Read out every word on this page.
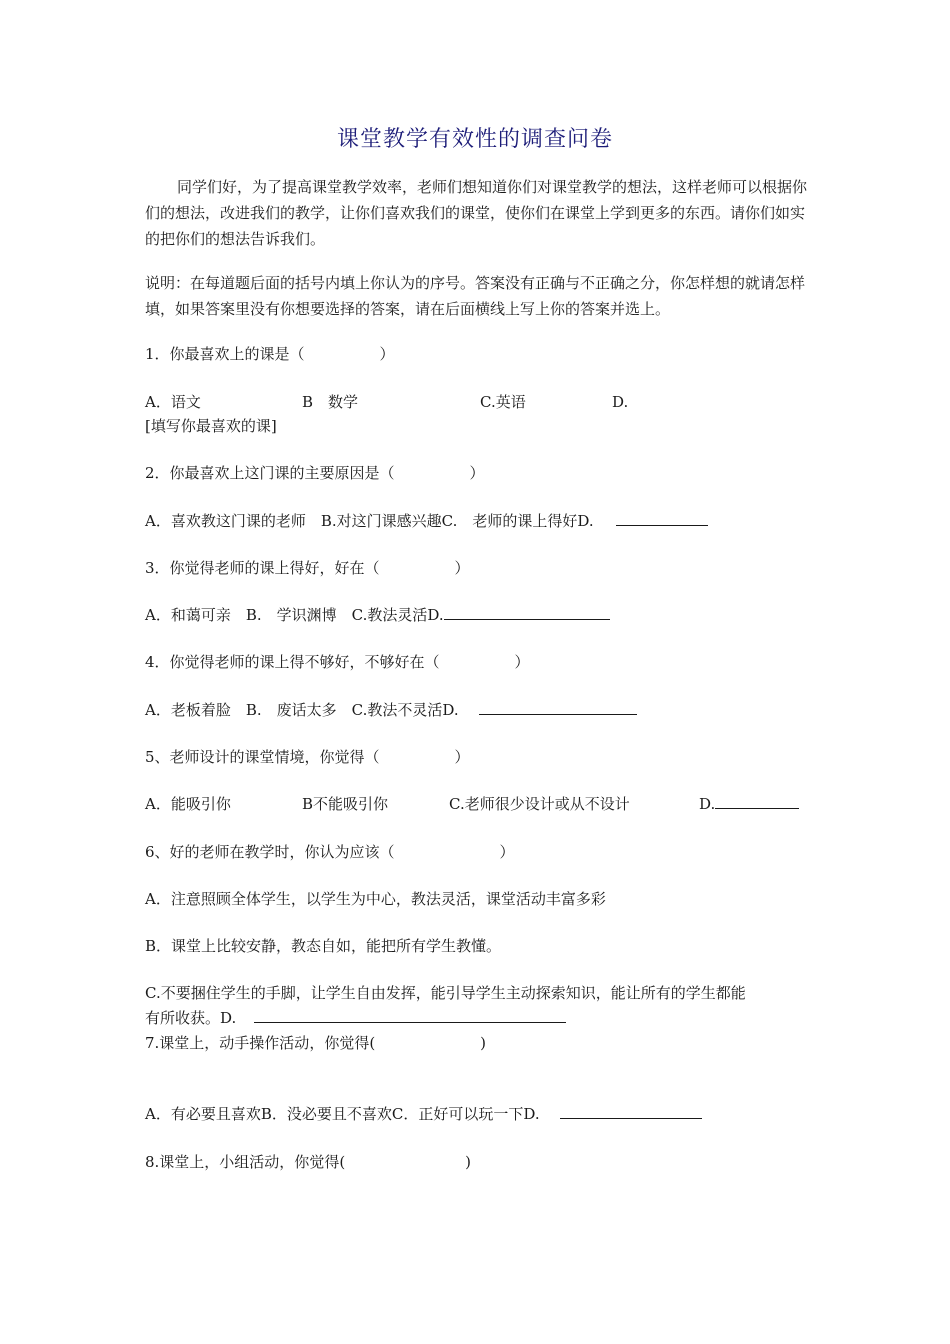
课堂教学有效性的调查问卷
同学们好，为了提高课堂教学效率，老师们想知道你们对课堂教学的想法，这样老师可以根据你们的想法，改进我们的教学，让你们喜欢我们的课堂，使你们在课堂上学到更多的东西。请你们如实的把你们的想法告诉我们。
说明：在每道题后面的括号内填上你认为的序号。答案没有正确与不正确之分，你怎样想的就请怎样填，如果答案里没有你想要选择的答案，请在后面横线上写上你的答案并选上。
1．你最喜欢上的课是（　　　　　）
A．语文	B　数学	C.英语	D.
[填写你最喜欢的课]
2．你最喜欢上这门课的主要原因是（　　　　　）
A．喜欢教这门课的老师　B.对这门课感兴趣C.　老师的课上得好D.
3．你觉得老师的课上得好，好在（　　　　　）
A．和蔼可亲　B.　学识渊博　C.教法灵活D.
4．你觉得老师的课上得不够好，不够好在（　　　　　）
A．老板着脸　B.　废话太多　C.教法不灵活D.
5、老师设计的课堂情境，你觉得（　　　　　）
A．能吸引你	B不能吸引你	C.老师很少设计或从不设计	D.
6、好的老师在教学时，你认为应该（　　　　　　　）
A．注意照顾全体学生，以学生为中心，教法灵活，课堂活动丰富多彩
B．课堂上比较安静，教态自如，能把所有学生教懂。
C.不要捆住学生的手脚，让学生自由发挥，能引导学生主动探索知识，能让所有的学生都能
有所收获。D.
7.课堂上，动手操作活动，你觉得(　　　　　　　)
A．有必要且喜欢B．没必要且不喜欢C．正好可以玩一下D.
8.课堂上，小组活动，你觉得(　　　　　　　　)
